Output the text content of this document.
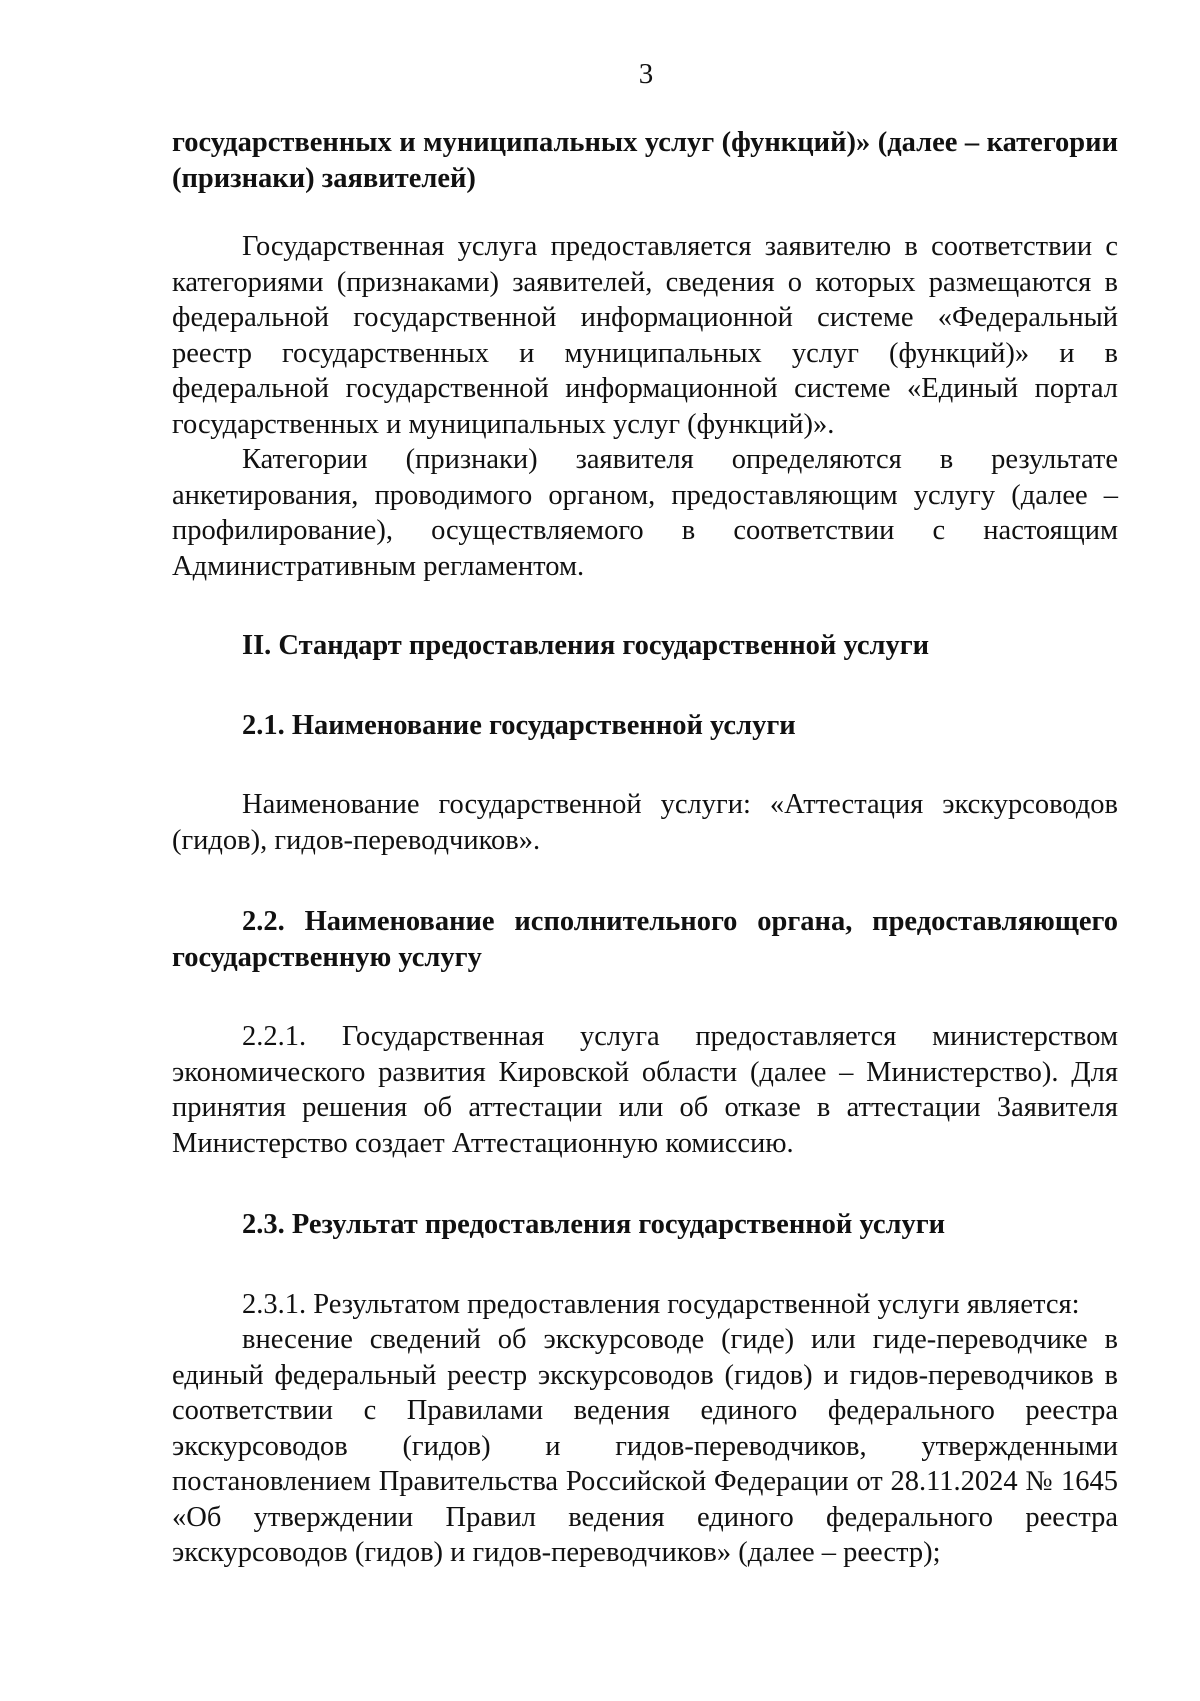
3

государственных и муниципальных услуг (функций)» (далее – категории (признаки) заявителей)

Государственная услуга предоставляется заявителю в соответствии с категориями (признаками) заявителей, сведения о которых размещаются в федеральной государственной информационной системе «Федеральный реестр государственных и муниципальных услуг (функций)» и в федеральной государственной информационной системе «Единый портал государственных и муниципальных услуг (функций)».

Категории (признаки) заявителя определяются в результате анкетирования, проводимого органом, предоставляющим услугу (далее – профилирование), осуществляемого в соответствии с настоящим Административным регламентом.

II. Стандарт предоставления государственной услуги

2.1. Наименование государственной услуги

Наименование государственной услуги: «Аттестация экскурсоводов (гидов), гидов-переводчиков».

2.2. Наименование исполнительного органа, предоставляющего государственную услугу

2.2.1. Государственная услуга предоставляется министерством экономического развития Кировской области (далее – Министерство). Для принятия решения об аттестации или об отказе в аттестации Заявителя Министерство создает Аттестационную комиссию.

2.3. Результат предоставления государственной услуги

2.3.1. Результатом предоставления государственной услуги является:

внесение сведений об экскурсоводе (гиде) или гиде-переводчике в единый федеральный реестр экскурсоводов (гидов) и гидов-переводчиков в соответствии с Правилами ведения единого федерального реестра экскурсоводов (гидов) и гидов-переводчиков, утвержденными постановлением Правительства Российской Федерации от 28.11.2024 № 1645 «Об утверждении Правил ведения единого федерального реестра экскурсоводов (гидов) и гидов-переводчиков» (далее – реестр);
